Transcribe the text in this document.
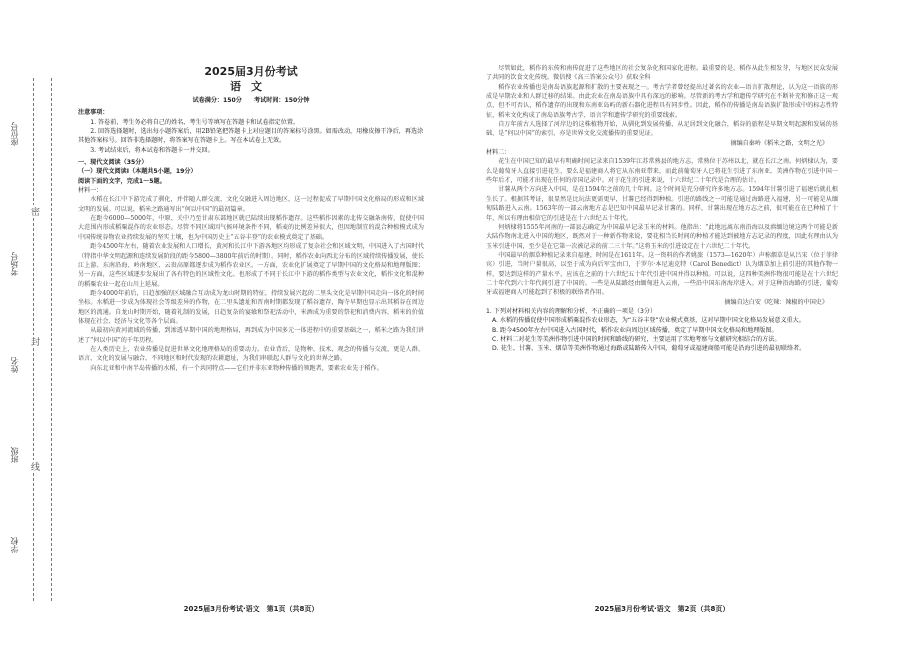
座位号
考场号
姓名
班级
学校
密
封
线

2025届3月份考试

语文

试卷满分：150分　　考试时间：150分钟

注意事项：

1. 答卷前，考生务必将自己的姓名、考生号等填写在答题卡和试卷指定位置。

2. 回答选择题时，选出每小题答案后，用2B铅笔把答题卡上对应题目的答案标号涂黑。如需改动，用橡皮擦干净后，再选涂其他答案标号。回答非选择题时，将答案写在答题卡上。写在本试卷上无效。

3. 考试结束后，将本试卷和答题卡一并交回。

一、现代文阅读（35分）

（一）现代文阅读Ⅰ（本题共5小题，19分）

阅读下面的文字，完成1～5题。

材料一：

水稻在长江中下游完成了驯化，并伴随人群交流、文化交融进入周边地区，这一过程促成了早期中国文化格局的形成和区域文明的发展。可以说，稻米之路通写出“何以中国”的最初篇章。

在距今6000—5000年，中原、关中乃至甘肃东部地区就已陆续出现稻作遗存。这些稻作因素的北传交融条南传，促使中国大范围内形成稻粟混作的农业形态。尽管不同区域因气候环境条件不同，稻麦的比例差异很大，但因地制宜的混合种植模式成为中国传统谷物农业持续发展的坚实土壤，也为中国历史上“五谷丰登”的农业模式奠定了基础。

距今4500年左右，随着农业发展和人口增长，黄河和长江中下游各地区均形成了复杂社会和区域文明，中国进入了古国时代（特指中华文明起源和连续发展阶段的距今5800—3800年前后的时期）。同时，稻作农业向西北分布的区域持续传播发展，使长江上游、东南沿海、岭南地区、云贵高原都逐步成为稻作农业区。一方面，农业化扩展奠定了早期中国的文化格局和地理版图；另一方面，这些区域逐步发展出了各有特色的区域性文化。也形成了不同于长江中下游的稻作类型与农业文化，稻作文化和混种的稻粟农业一起在山川上延展。

距今4000年前后，日趋加强的区域融合互动成为龙山时期的特征，持续发展兴起的二里头文化是早期中国走向一体化的时间坐标。水稻进一步成为体现社会等级差异的作物，在二里头遗址和晋南时期都发现了稻谷遗存，陶寺早期也显示出其稻谷在周边地区的流通。自龙山时期开始，随着礼制的发展，日趋复杂的宴飨和祭祀活动中，米酒成为重要的祭祀和消费内容，稻米的价值体现在社会、经济与文化等各个层面。

从最初向黄河流域的传播，到渗透早期中国的地理格局，再到成为中国多元一体进程中的重要基础之一，稻米之路为我们讲述了“何以中国”的千年历程。

在人类历史上，农业传播是促进世界文化地理格局的重要动力。农业背后，是物种、技术、观念的传播与交流，更是人群、语言、文化的发展与融合。不同地区和时代发现的农耕遗址，为我们串联起人群与文化的世界之路。

向东北亚和中南半岛传播的水稻，有一个共同特点——它们并非东亚物种传播的领跑者，要素农业先于稻作。

尽管如此，稻作的东传和南传促进了这些地区的社会复杂化和国家化进程。最重要的是，稻作从此生根发芽，与地区民众发展了共同的饮食文化传统。微信搜《高三答案公众号》获取全科

稻作农业传播也是南岛语族起源和扩散的主要表现之一。考古学者曾经提出过著名的农业—语言扩散理论，认为这一语族的形成是早期农业和人群迁移的结果。由此农业在南岛语族中具有深远的影响。尽管新的考古学和遗传学研究在不断补充和修正这一观点，但不可否认，稻作遗存的出现和东南亚岛屿的新石器化进程具有同步性。因此，稻作的传播是南岛语族扩散形成中的标志性特征，稻米文化构成了南岛语族考古学、语言学和遗传学研究的重要线索。

自万年前古人选择了河岸边的这株植物开始，从驯化到发展传播，从足居到文化融合，稻谷的旅程是早期文明起源和发展的基础，是“何以中国”的索引，亦是世界文化交流播传的重要见证。

摘编自秦岭《稻米之路，文明之光》

材料二：

花生在中国已知的最早有明确时间记录来自1539年江苏常熟县的地方志，常熟位于苏州以北，就在长江之南。何炳棣认为，要么是葡萄牙人直接引进花生，要么是福建商人将它从东南亚带来，而此前葡萄牙人已将花生引进了东南亚。美洲作物在引进中国一些年后才，可能才出现在任何的帝国记录中。对于花生的引进来说，十六世纪二十年代是合理的估计。

甘薯从两个方向进入中国，是在1594年之前的几十年间。这个时间是充分研究许多地方志。1594年甘薯引进了福建后就扎根生长了。根据其考证，很显然是比玩法更需更早，甘薯已经得到种植。引进的路线之一可能是通过海路进入福建，另一可能是从缅甸陆路进入云南。1563年的一部云南地方志是巴知中国最早记录甘薯的。同样，甘薯出现在地方志之前，很可能在在已种植了十年，所以有理由相信它的引进是在十六世纪五十年代。

何炳棣将1555年河南的一部县志确定为中国最早记录玉米的材料。他指出：“此地远离东南沿海以及滇缅边境这两个可能是新大陆作物南北进入中国的地区，既然对于一种新作物来说，要花相当长时间的种植才能达到被地方志记录的程度，因此有理由认为玉米引进中国，至少是在它第一次被记录的前二三十年。”这将玉米的引进设定在十六世纪二十年代。

中国最早的烟草种植记录来自福建，时间是在1611年。这一资料的作者姚旅（1573—1620年）声称烟草是从吕宋（位于菲律宾）引进，当时户量很高，以至于成为向后军宝由口，于罗尔·本尼迪克特（Carol Benedict）认为烟草加上前引进的其他作物一样，要达到这样的产量水平，应该在之前的十六世纪五十年代引进中国并得以种植。可以说，这四种美洲作物很可能是在十六世纪二十年代到六十年代间引进了中国的。一些是从陆路经由缅甸进入云南，一些沿中国东南海岸进入。对于这种沿海路的引进，葡萄牙或福建商人可能起到了积极的联络者作用。

摘编自达白安《吃辣：辣椒的中国史》

1. 下列对材料相关内容的理解和分析，不正确的一项是（3分）

A. 水稻的传播促使中国形成稻粟混作农业形态，为“五谷丰登”农业模式奠基，这对早期中国文化格局发展意义重大。

B. 距今4500年左右中国进入古国时代，稻作农业向周边区域传播，奠定了早期中国文化格局和地理版图。

C. 材料二对花生等美洲作物引进中国的时间和路线的研究，主要运用了实地考察与文献研究相结合的方法。

D. 花生、甘薯、玉米、烟草等美洲作物通过海路或陆路传入中国，葡萄牙或福建商船可能是沿海引进的最初联络者。

2025届3月份考试·语文　第1页（共8页）	2025届3月份考试·语文　第2页（共8页）
